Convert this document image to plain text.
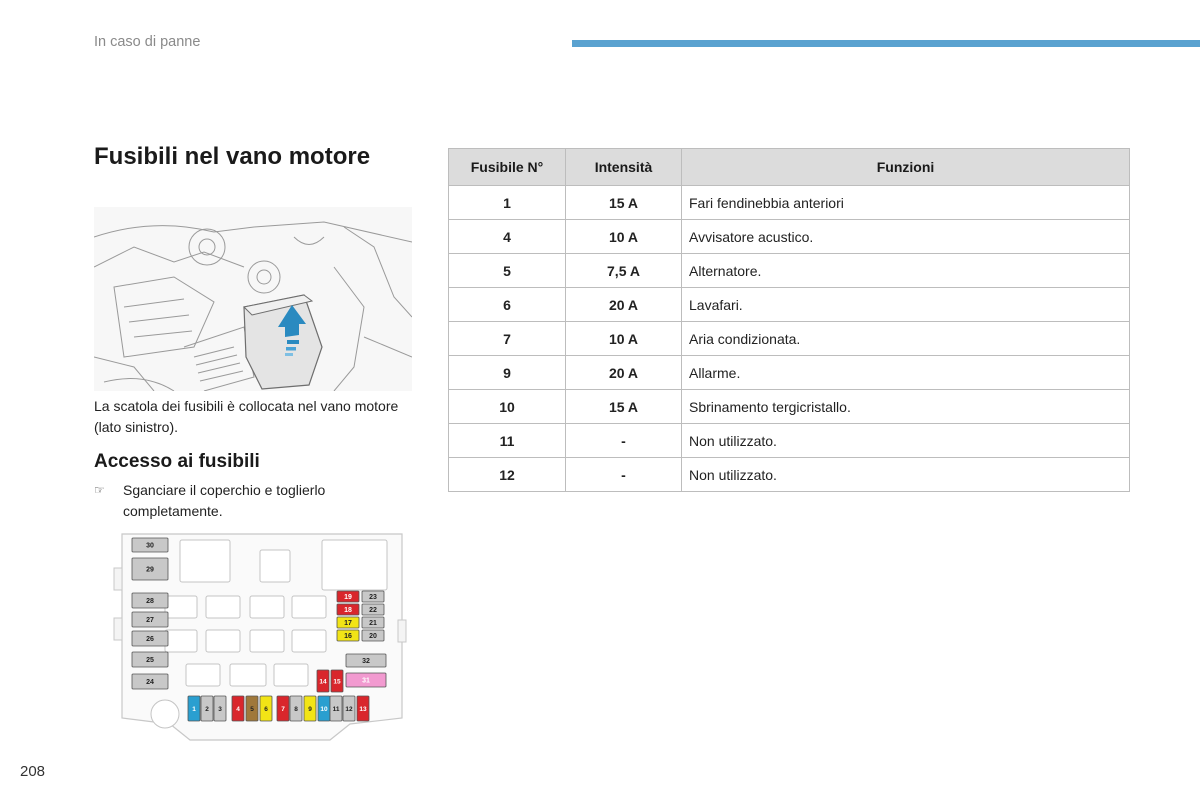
In caso di panne
Fusibili nel vano motore
La scatola dei fusibili è collocata nel vano motore (lato sinistro).
Accesso ai fusibili
☞ Sganciare il coperchio e toglierlo completamente.
30
29
28
27
26
25
24
19 23
18 22
17 21
16 20
32
31
14 15
1 2 3 4 5 6 7 8 9 10 11 12 13
Fusibile N°	Intensità	Funzioni
1	15 A	Fari fendinebbia anteriori
4	10 A	Avvisatore acustico.
5	7,5 A	Alternatore.
6	20 A	Lavafari.
7	10 A	Aria condizionata.
9	20 A	Allarme.
10	15 A	Sbrinamento tergicristallo.
11	-	Non utilizzato.
12	-	Non utilizzato.
208
